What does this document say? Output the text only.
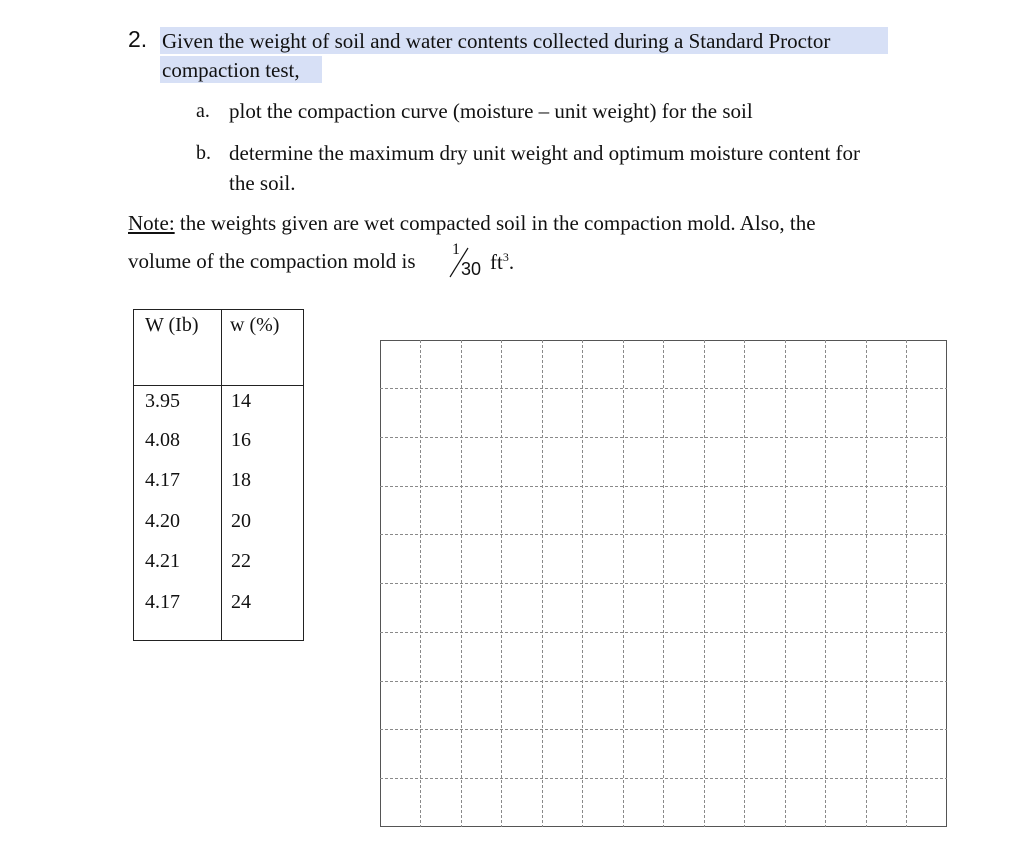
2. Given the weight of soil and water contents collected during a Standard Proctor
compaction test,
a. plot the compaction curve (moisture – unit weight) for the soil
b. determine the maximum dry unit weight and optimum moisture content for
the soil.
Note: the weights given are wet compacted soil in the compaction mold. Also, the
volume of the compaction mold is 1
30 $ft^3$.
W (Ib) w (%)
3.95	14
4.08	16
4.17	18
4.20	20
4.21	22
4.17	24
